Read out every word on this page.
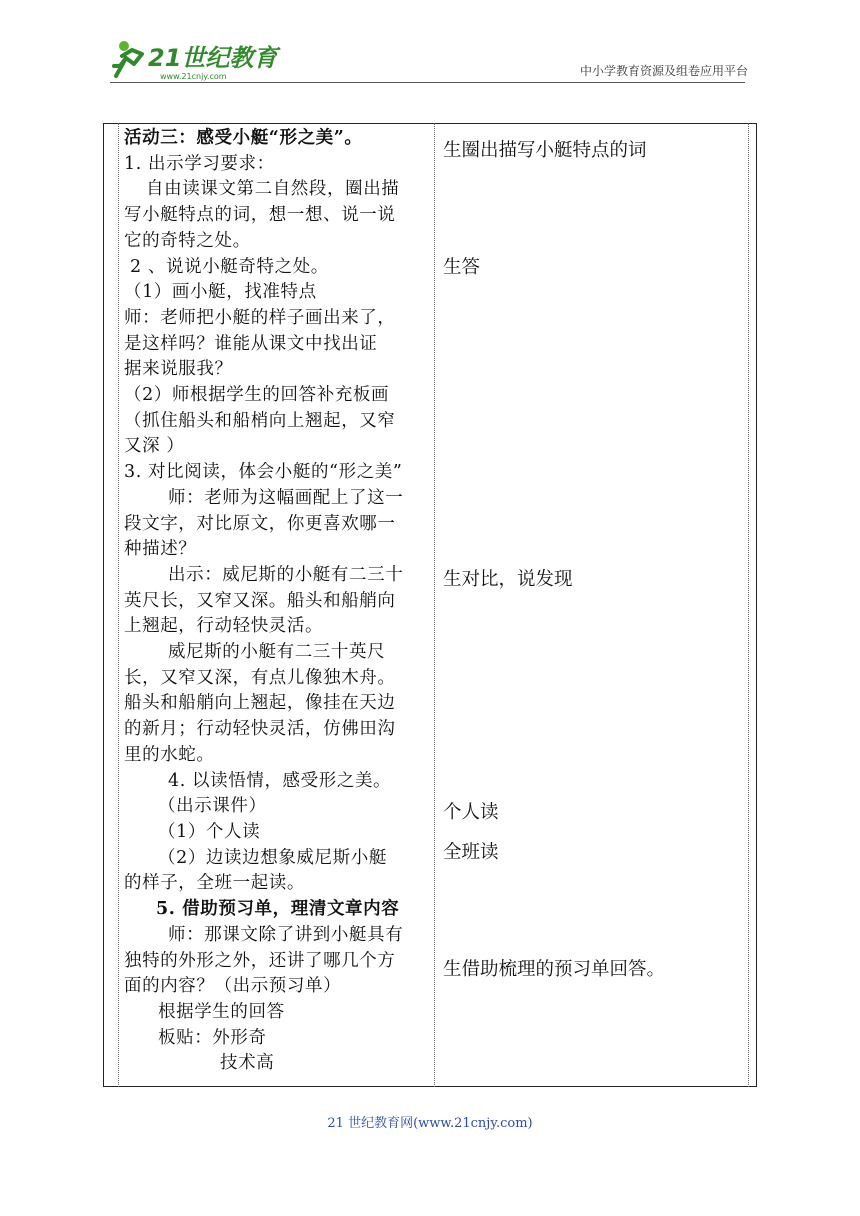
21世纪教育
www.21cnjy.com	中小学教育资源及组卷应用平台

活动三：感受小艇“形之美”。

1. 出示学习要求：

自由读课文第二自然段，圈出描

写小艇特点的词，想一想、说一说

它的奇特之处。

2 、说说小艇奇特之处。

（1）画小艇，找准特点

师：老师把小艇的样子画出来了，

是这样吗？谁能从课文中找出证

据来说服我？

（2）师根据学生的回答补充板画

（抓住船头和船梢向上翘起，又窄

又深 ）

3. 对比阅读，体会小艇的“形之美”

师：老师为这幅画配上了这一

段文字，对比原文，你更喜欢哪一

种描述？

出示：威尼斯的小艇有二三十

英尺长，又窄又深。船头和船艄向

上翘起，行动轻快灵活。

威尼斯的小艇有二三十英尺

长，又窄又深，有点儿像独木舟。

船头和船艄向上翘起，像挂在天边

的新月；行动轻快灵活，仿佛田沟

里的水蛇。

4. 以读悟情，感受形之美。

（出示课件）

（1）个人读

（2）边读边想象威尼斯小艇

的样子，全班一起读。

5. 借助预习单，理清文章内容

师：那课文除了讲到小艇具有

独特的外形之外，还讲了哪几个方

面的内容？（出示预习单）

根据学生的回答

板贴：外形奇

技术高

生圈出描写小艇特点的词

生答

生对比，说发现

个人读

全班读

生借助梳理的预习单回答。

21 世纪教育网(www.21cnjy.com)
